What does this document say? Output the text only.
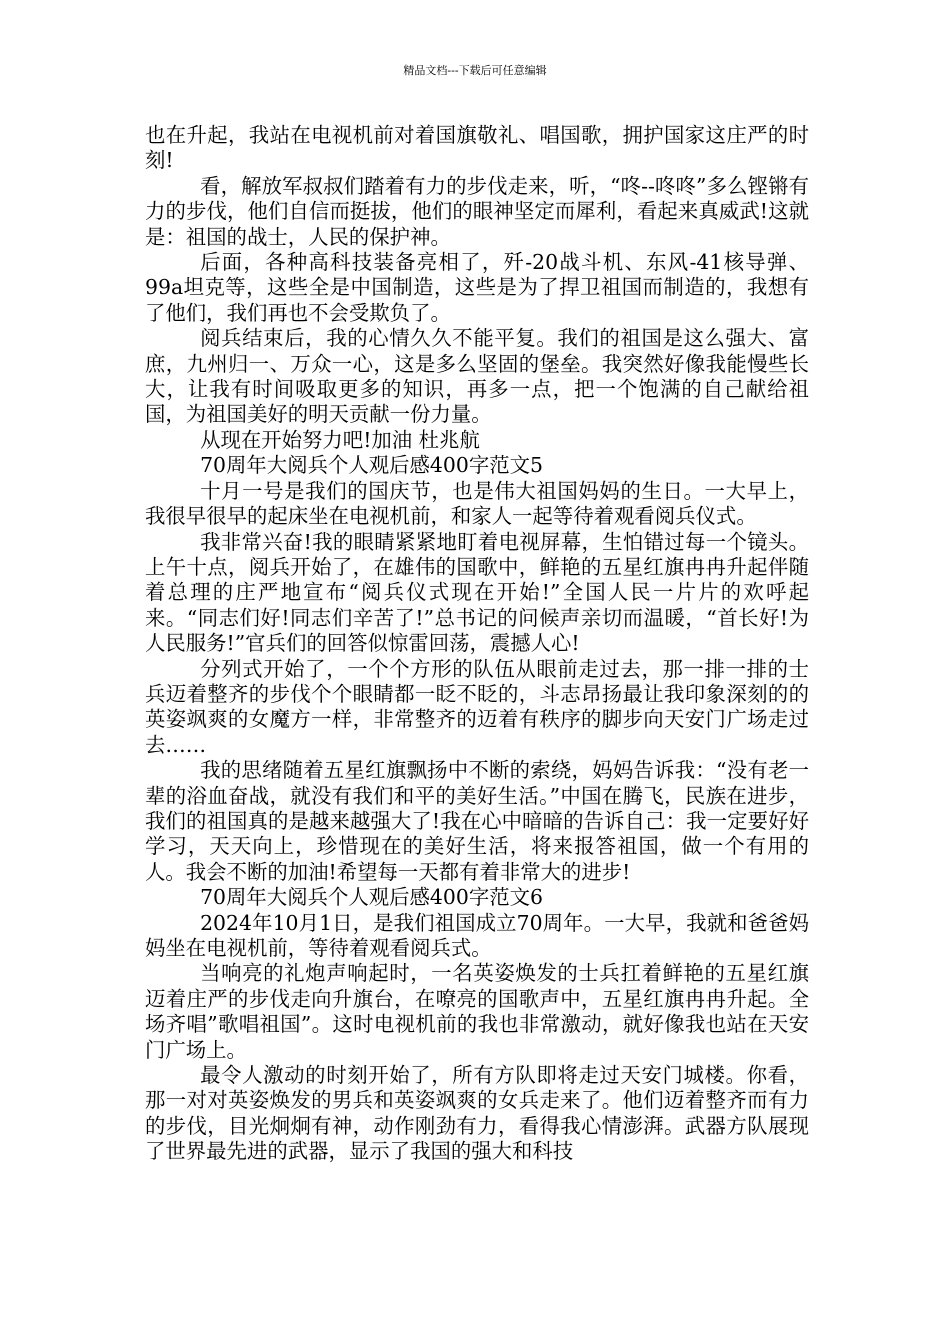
精品文档---下载后可任意编辑

也在升起，我站在电视机前对着国旗敬礼、唱国歌，拥护国家这庄严的时刻!

看，解放军叔叔们踏着有力的步伐走来，听，“咚--咚咚”多么铿锵有力的步伐，他们自信而挺拔，他们的眼神坚定而犀利，看起来真威武!这就是：祖国的战士，人民的保护神。

后面，各种高科技装备亮相了，歼-20战斗机、东风-41核导弹、99a坦克等，这些全是中国制造，这些是为了捍卫祖国而制造的，我想有了他们，我们再也不会受欺负了。

阅兵结束后，我的心情久久不能平复。我们的祖国是这么强大、富庶，九州归一、万众一心，这是多么坚固的堡垒。我突然好像我能慢些长大，让我有时间吸取更多的知识，再多一点，把一个饱满的自己献给祖国，为祖国美好的明天贡献一份力量。

从现在开始努力吧!加油 杜兆航

70周年大阅兵个人观后感400字范文5

十月一号是我们的国庆节，也是伟大祖国妈妈的生日。一大早上，我很早很早的起床坐在电视机前，和家人一起等待着观看阅兵仪式。

我非常兴奋!我的眼睛紧紧地盯着电视屏幕，生怕错过每一个镜头。上午十点，阅兵开始了，在雄伟的国歌中，鲜艳的五星红旗冉冉升起伴随着总理的庄严地宣布“阅兵仪式现在开始!”全国人民一片片的欢呼起来。“同志们好!同志们辛苦了!”总书记的问候声亲切而温暖，“首长好!为人民服务!”官兵们的回答似惊雷回荡，震撼人心!

分列式开始了，一个个方形的队伍从眼前走过去，那一排一排的士兵迈着整齐的步伐个个眼睛都一眨不眨的，斗志昂扬最让我印象深刻的的英姿飒爽的女魔方一样，非常整齐的迈着有秩序的脚步向天安门广场走过去……

我的思绪随着五星红旗飘扬中不断的索绕，妈妈告诉我：“没有老一辈的浴血奋战，就没有我们和平的美好生活。”中国在腾飞，民族在进步，我们的祖国真的是越来越强大了!我在心中暗暗的告诉自己：我一定要好好学习，天天向上，珍惜现在的美好生活，将来报答祖国，做一个有用的人。我会不断的加油!希望每一天都有着非常大的进步!

70周年大阅兵个人观后感400字范文6

2024年10月1日，是我们祖国成立70周年。一大早，我就和爸爸妈妈坐在电视机前，等待着观看阅兵式。

当响亮的礼炮声响起时，一名英姿焕发的士兵扛着鲜艳的五星红旗迈着庄严的步伐走向升旗台，在嘹亮的国歌声中，五星红旗冉冉升起。全场齐唱”歌唱祖国”。这时电视机前的我也非常激动，就好像我也站在天安门广场上。

最令人激动的时刻开始了，所有方队即将走过天安门城楼。你看，那一对对英姿焕发的男兵和英姿飒爽的女兵走来了。他们迈着整齐而有力的步伐，目光炯炯有神，动作刚劲有力，看得我心情澎湃。武器方队展现了世界最先进的武器，显示了我国的强大和科技
